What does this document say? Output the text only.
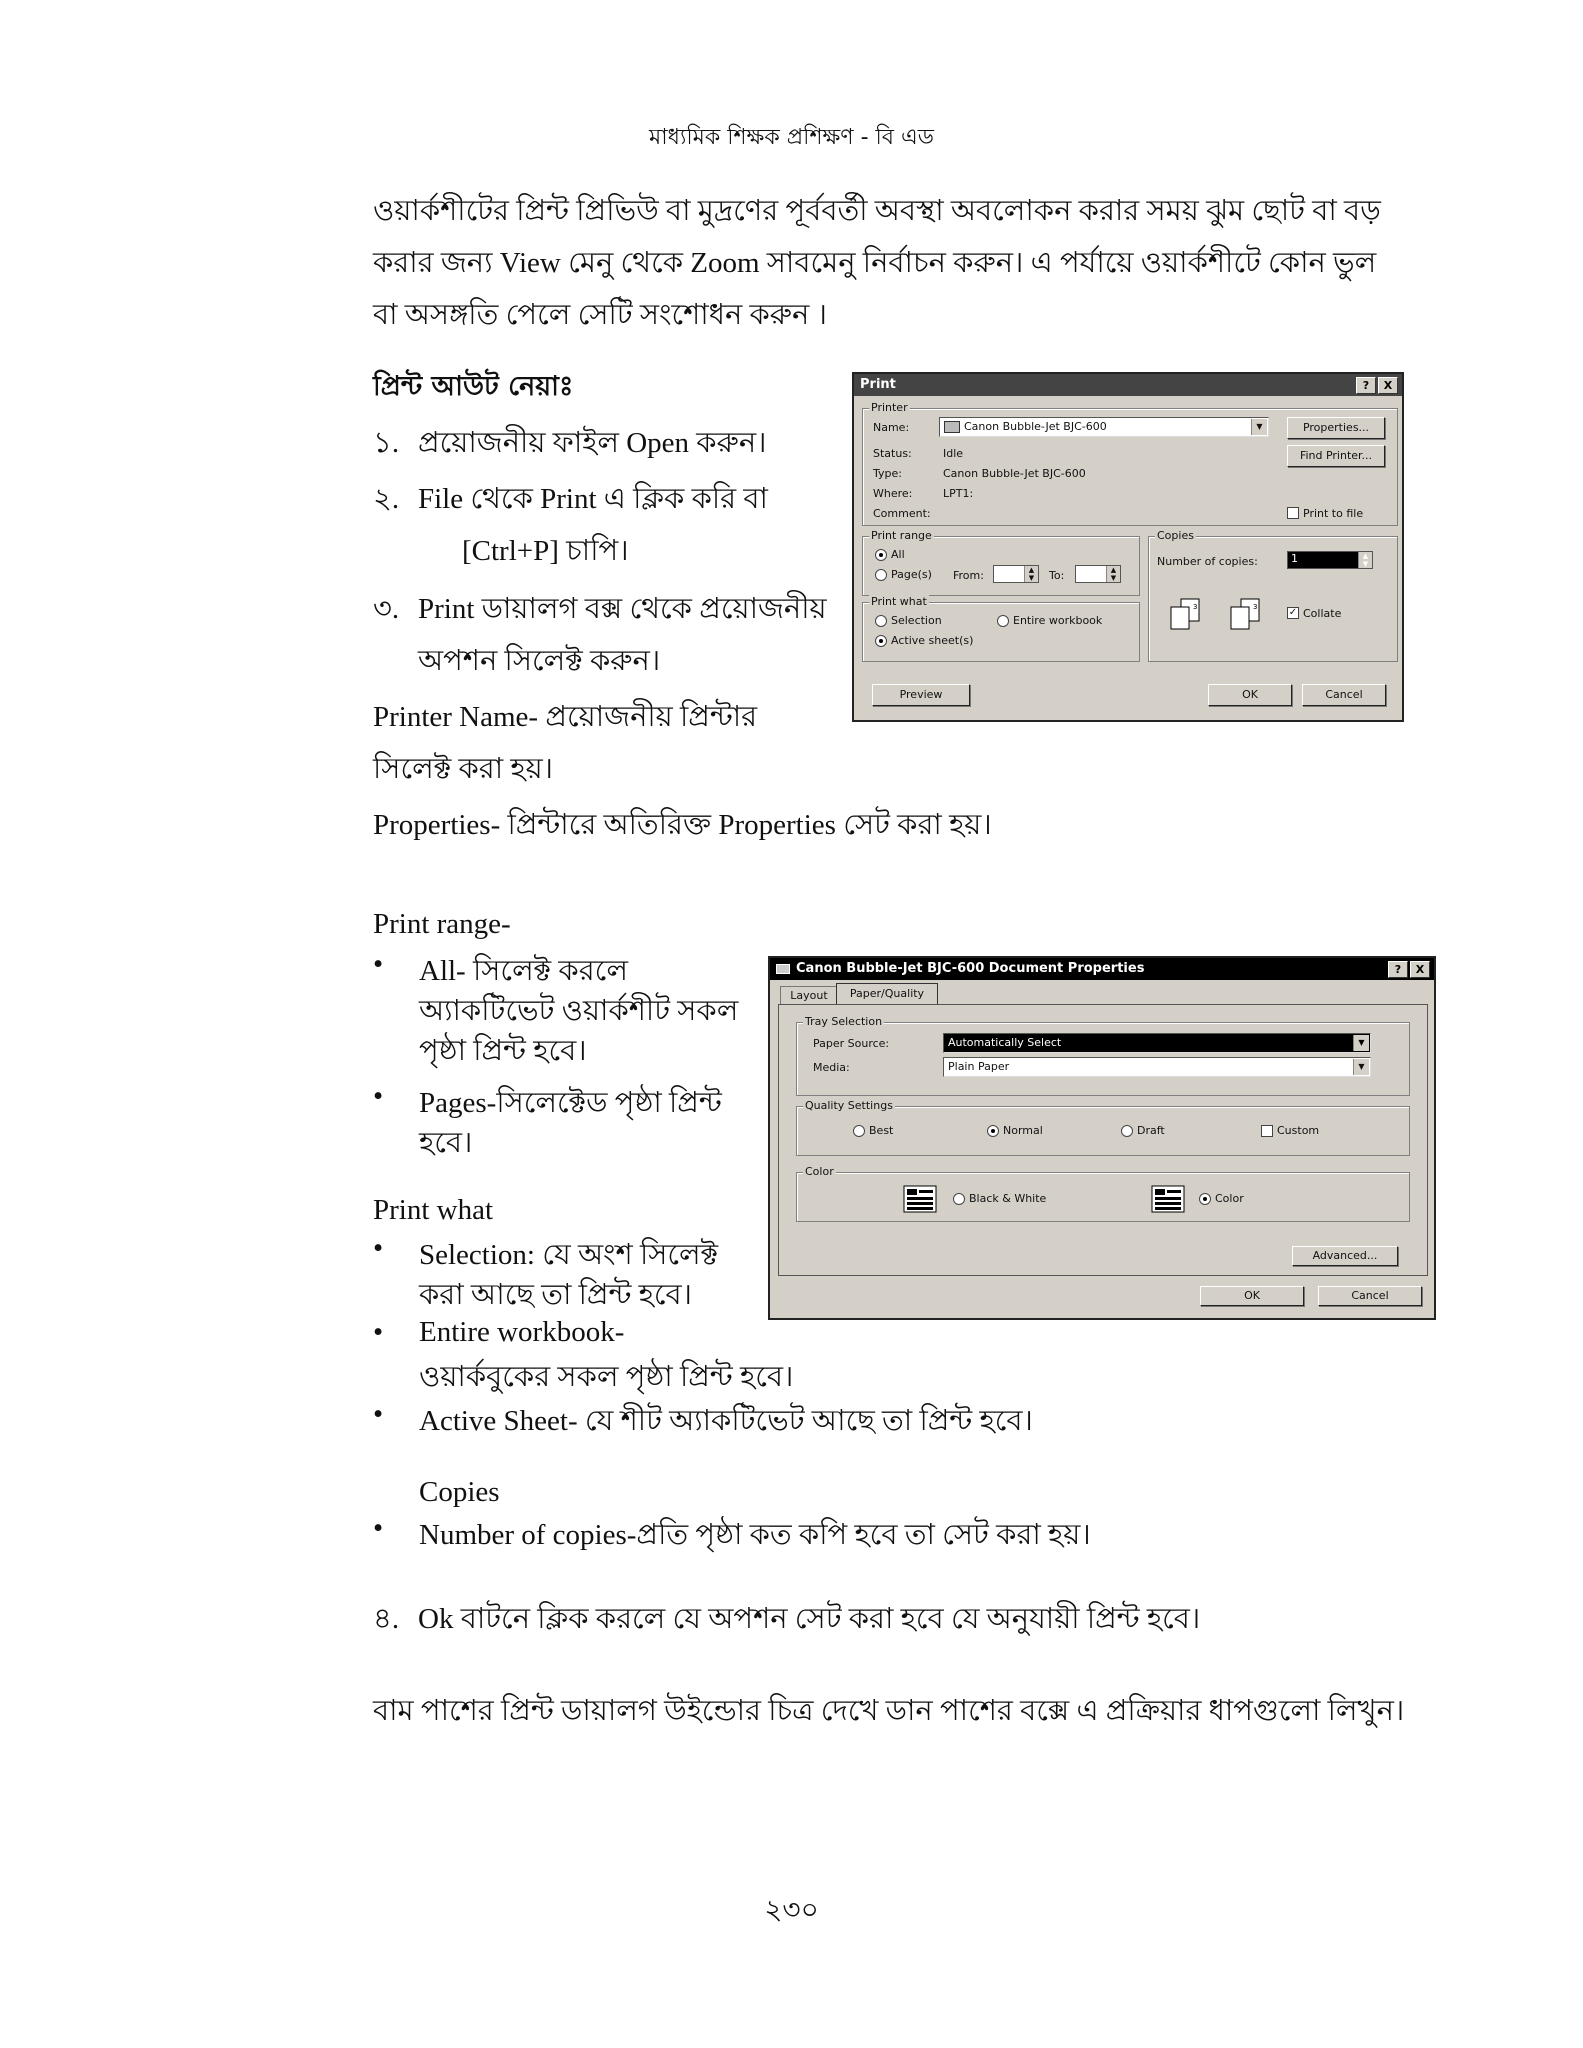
মাধ্যমিক শিক্ষক প্রশিক্ষণ - বি এড
ওয়ার্কশীটের প্রিন্ট প্রিভিউ বা মুদ্রণের পূর্ববর্তী অবস্থা অবলোকন করার সময় ঝুম ছোট বা বড়
করার জন্য View মেনু থেকে Zoom সাবমেনু নির্বাচন করুন। এ পর্যায়ে ওয়ার্কশীটে কোন ভুল
বা অসঙ্গতি পেলে সেটি সংশোধন করুন ।
প্রিন্ট আউট নেয়াঃ
১. প্রয়োজনীয় ফাইল Open করুন।
২. File থেকে Print এ ক্লিক করি বা
[Ctrl+P] চাপি।
৩. Print ডায়ালগ বক্স থেকে প্রয়োজনীয়
অপশন সিলেক্ট করুন।
Printer Name- প্রয়োজনীয় প্রিন্টার
সিলেক্ট করা হয়।
Properties- প্রিন্টারে অতিরিক্ত Properties সেট করা হয়।
Print range-
• All- সিলেক্ট করলে
অ্যাকটিভেট ওয়ার্কশীট সকল
পৃষ্ঠা প্রিন্ট হবে।
• Pages-সিলেক্টেড পৃষ্ঠা প্রিন্ট
হবে।
Print what
• Selection: যে অংশ সিলেক্ট
করা আছে তা প্রিন্ট হবে।
• Entire workbook-
ওয়ার্কবুকের সকল পৃষ্ঠা প্রিন্ট হবে।
• Active Sheet- যে শীট অ্যাকটিভেট আছে তা প্রিন্ট হবে।
Copies
• Number of copies-প্রতি পৃষ্ঠা কত কপি হবে তা সেট করা হয়।
৪. Ok বাটনে ক্লিক করলে যে অপশন সেট করা হবে যে অনুযায়ী প্রিন্ট হবে।
বাম পাশের প্রিন্ট ডায়ালগ উইন্ডোর চিত্র দেখে ডান পাশের বক্সে এ প্রক্রিয়ার ধাপগুলো লিখুন।
২৩০
Print	?	X
Printer
Name:	Canon Bubble-Jet BJC-600	▼	Properties...
Find Printer...
Status:	Idle
Type:	Canon Bubble-Jet BJC-600
Where:	LPT1:
Comment:	Print to file
Print range
All
Page(s) From:	▲
▼	To:	▲
▼
Copies
Number of copies:	1	▲
▼
3	3	✓ Collate
Print what
Selection	Entire workbook
Active sheet(s)
Preview	OK	Cancel
Canon Bubble-Jet BJC-600 Document Properties	?	X
Layout	Paper/Quality
Tray Selection
Paper Source:	Automatically Select	▼
Media:	Plain Paper	▼
Quality Settings
Best	Normal	Draft	Custom
Color
Black & White	Color
Advanced...
OK	Cancel
